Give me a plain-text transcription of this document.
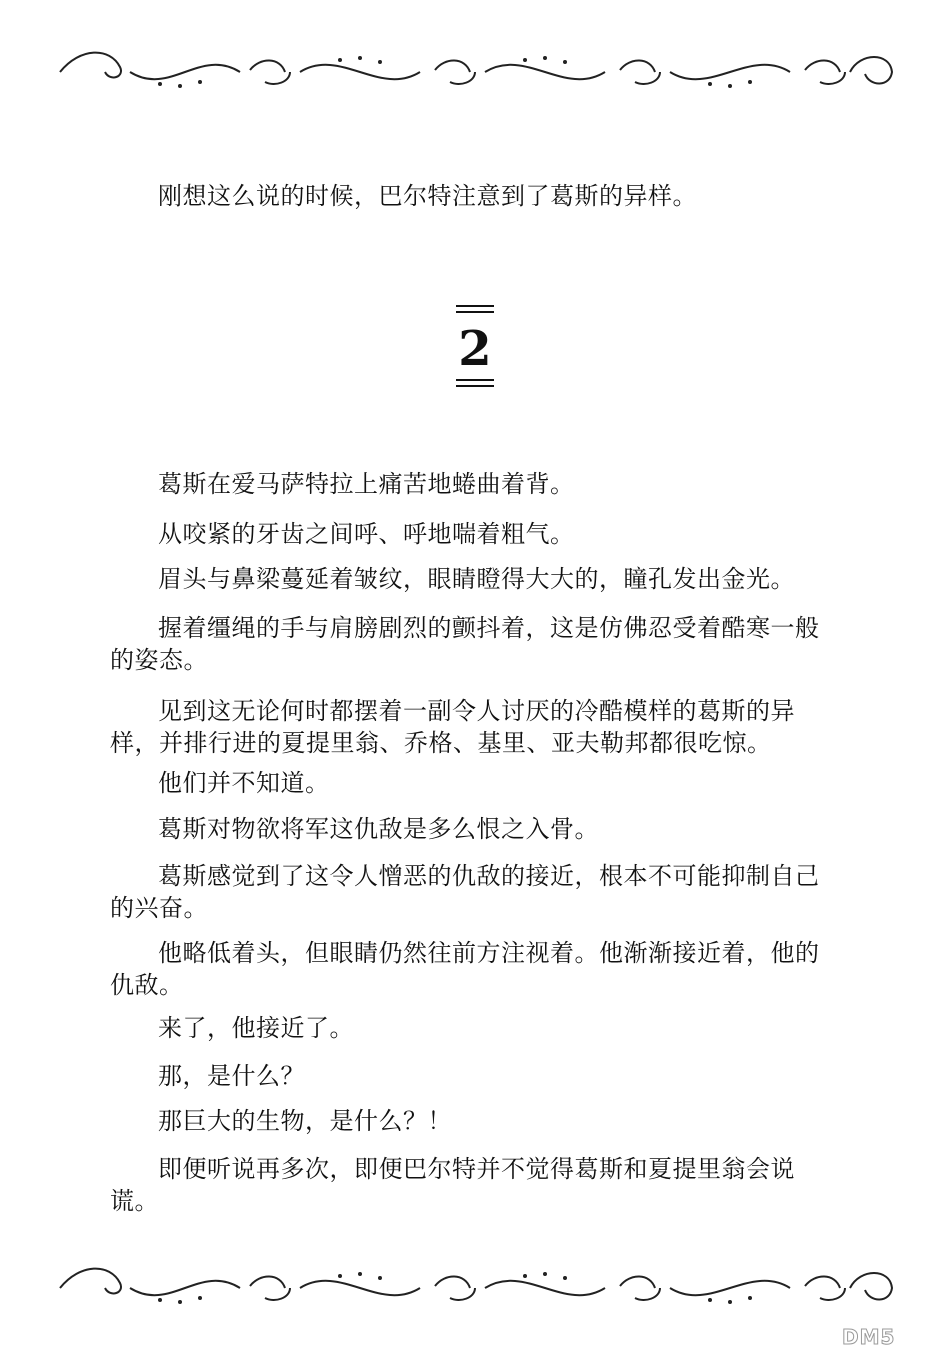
刚想这么说的时候，巴尔特注意到了葛斯的异样。

2

葛斯在爱马萨特拉上痛苦地蜷曲着背。

从咬紧的牙齿之间呼、呼地喘着粗气。

眉头与鼻梁蔓延着皱纹，眼睛瞪得大大的，瞳孔发出金光。

握着缰绳的手与肩膀剧烈的颤抖着，这是仿佛忍受着酷寒一般的姿态。

见到这无论何时都摆着一副令人讨厌的冷酷模样的葛斯的异样，并排行进的夏提里翁、乔格、基里、亚夫勒邦都很吃惊。

他们并不知道。

葛斯对物欲将军这仇敌是多么恨之入骨。

葛斯感觉到了这令人憎恶的仇敌的接近，根本不可能抑制自己的兴奋。

他略低着头，但眼睛仍然往前方注视着。他渐渐接近着，他的仇敌。

来了，他接近了。

那，是什么？

那巨大的生物，是什么？！

即便听说再多次，即便巴尔特并不觉得葛斯和夏提里翁会说谎。

DM5
